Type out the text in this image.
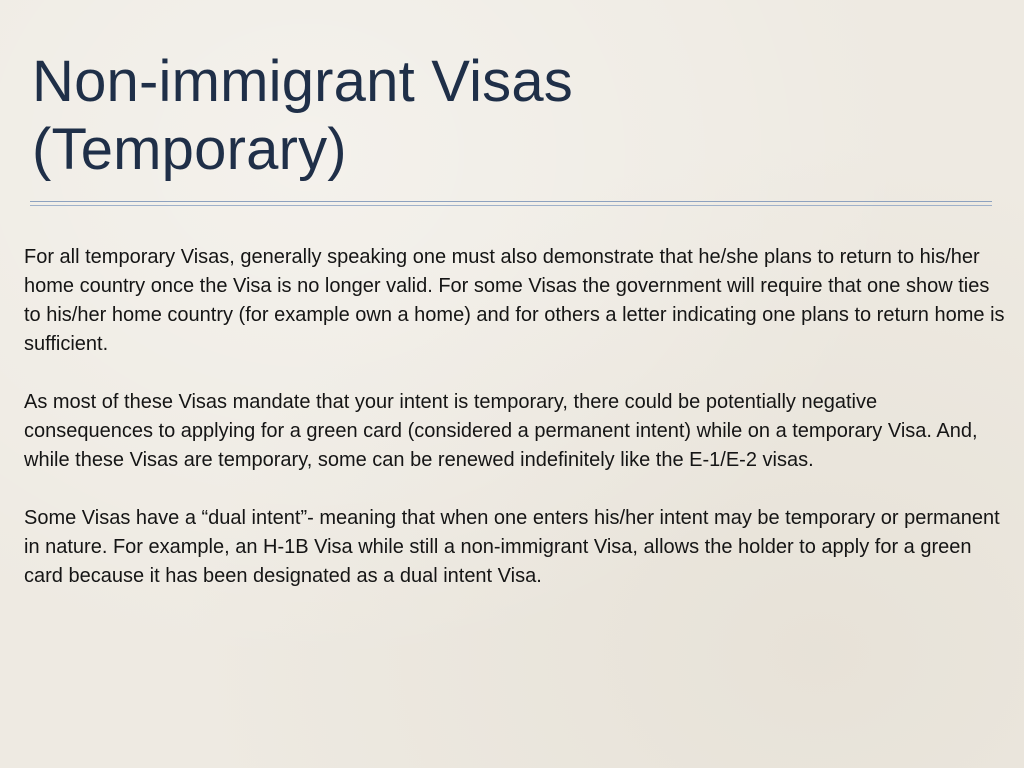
Non-immigrant Visas
(Temporary)

For all temporary Visas, generally speaking one must also demonstrate that he/she plans to return to his/her home country once the Visa is no longer valid. For some Visas the government will require that one show ties to his/her home country (for example own a home) and for others a letter indicating one plans to return home is sufficient.

As most of these Visas mandate that your intent is temporary, there could be potentially negative consequences to applying for a green card (considered a permanent intent) while on a temporary Visa. And, while these Visas are temporary, some can be renewed indefinitely like the E-1/E-2 visas.

Some Visas have a “dual intent”- meaning that when one enters his/her intent may be temporary or permanent in nature. For example, an H-1B Visa while still a non-immigrant Visa, allows the holder to apply for a green card because it has been designated as a dual intent Visa.
